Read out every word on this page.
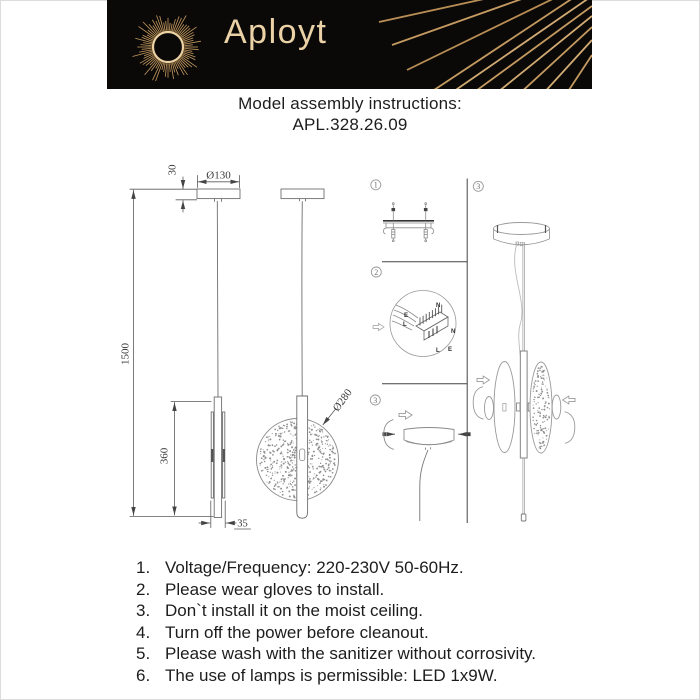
Aployt
Model assembly instructions:
APL.328.26.09
1500
30	Ø130
360
35
Ø280
1
2
3
3
N
E
L
N
L E
1. Voltage/Frequency: 220-230V 50-60Hz.
2. Please wear gloves to install.
3. Don`t install it on the moist ceiling.
4. Turn off the power before cleanout.
5. Please wash with the sanitizer without corrosivity.
6. The use of lamps is permissible: LED 1x9W.
